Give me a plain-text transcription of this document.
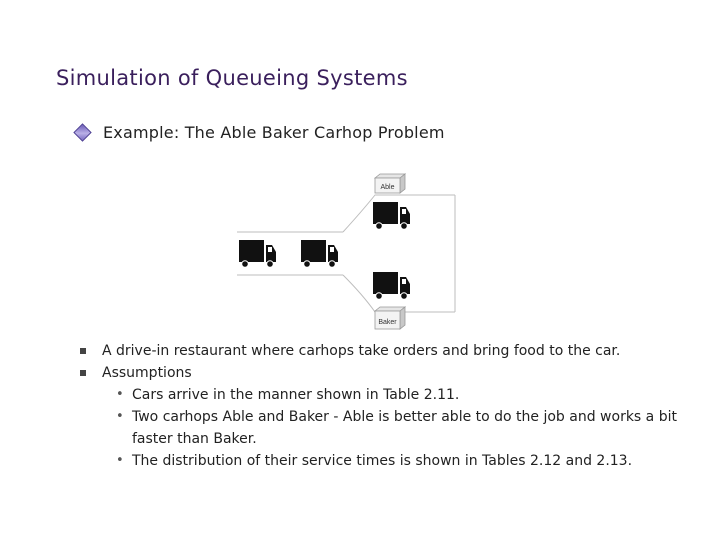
Simulation of Queueing Systems
Example: The Able Baker Carhop Problem
Able
Baker
A drive-in restaurant where carhops take orders and bring food to the car.
Assumptions
• Cars arrive in the manner shown in Table 2.11.
• Two carhops Able and Baker - Able is better able to do the job and works a bit faster than Baker.
• The distribution of their service times is shown in Tables 2.12 and 2.13.
